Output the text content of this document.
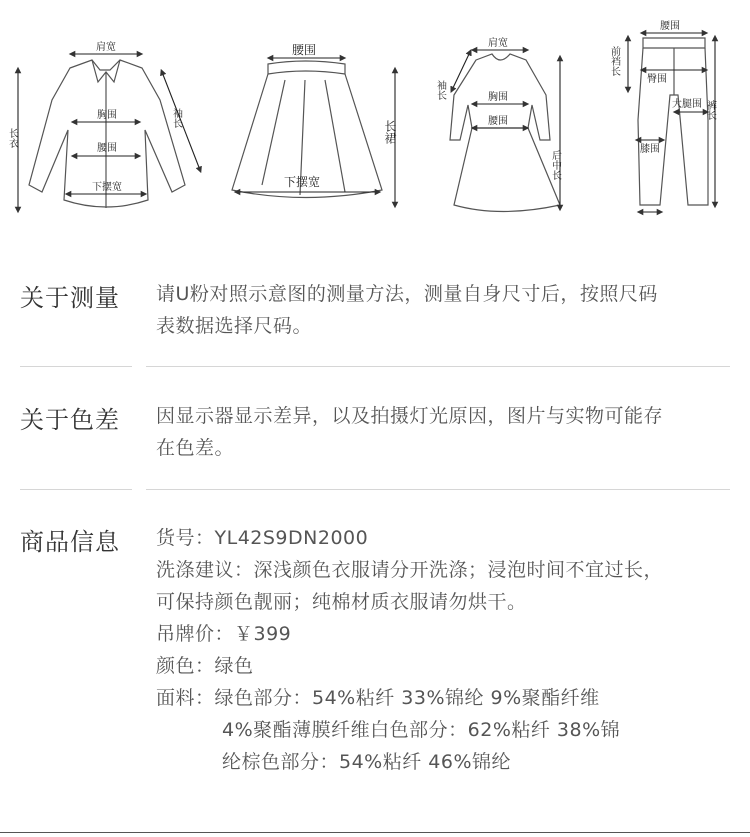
肩宽
长衣
袖长
胸围
腰围
下摆宽
腰围
长裙
下摆宽
肩宽
袖长	胸围
腰围
后中长
腰围
前裆长
臀围
大腿围
膝围
裤长
关于测量 请U粉对照示意图的测量方法，测量自身尺寸后，按照尺码
表数据选择尺码。
关于色差 因显示器显示差异，以及拍摄灯光原因，图片与实物可能存
在色差。
商品信息 货号：YL42S9DN2000
洗涤建议：深浅颜色衣服请分开洗涤；浸泡时间不宜过长，
可保持颜色靓丽；纯棉材质衣服请勿烘干。
吊牌价：￥399
颜色：绿色
面料：绿色部分：54%粘纤 33%锦纶 9%聚酯纤维
4%聚酯薄膜纤维白色部分：62%粘纤 38%锦
纶棕色部分：54%粘纤 46%锦纶
